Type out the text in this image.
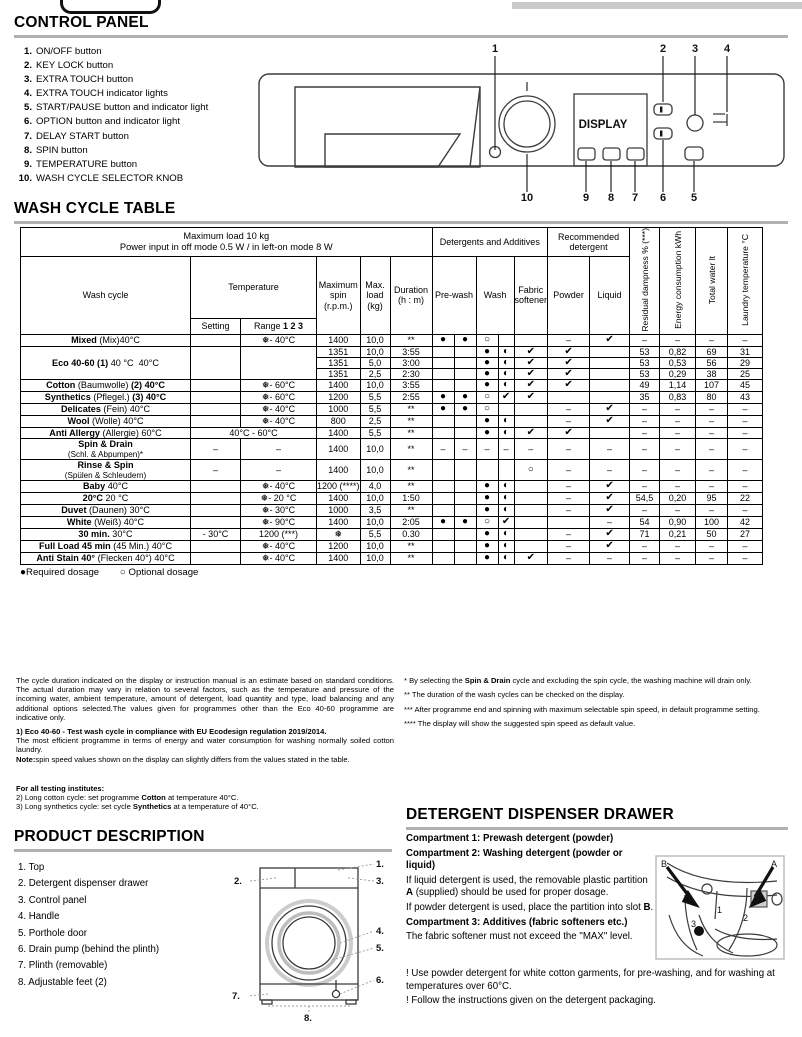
CONTROL PANEL
1. ON/OFF button
2. KEY LOCK button
3. EXTRA TOUCH button
4. EXTRA TOUCH indicator lights
5. START/PAUSE button and indicator light
6. OPTION button and indicator light
7. DELAY START button
8. SPIN button
9. TEMPERATURE button
10. WASH CYCLE SELECTOR KNOB
1	2 3 4
10	9 8 7 6 5
DISPLAY
WASH CYCLE TABLE
Maximum load 10 kg
Power input in off mode 0.5 W / in left-on mode 8 W						Detergents and Additives					Recommended detergent		Residual dampness % (***)	Energy consumption kWh	Total water lt	Laundry temperature °C
Wash cycle	Temperature		Maximum spin (r.p.m.)	Max. load (kg)	Duration (h : m)	Pre-wash		Wash		Fabric softener	Powder	Liquid				
	Setting	Range 1 2 3														
Mixed (Mix)40°C		❅- 40°C	1400	10,0	**	●	●	○			–	✔	–	–	–	–
Eco 40-60 (1) 40 °C 40°C			1351	10,0	3:55			●	◐	✔	✔		53	0,82	69	31
			1351	5,0	3:00			●	◐	✔	✔		53	0,53	56	29
			1351	2,5	2:30			●	◐	✔	✔		53	0,29	38	25
Cotton (Baumwolle) (2) 40°C		❅- 60°C	1400	10,0	3:55			●	◐	✔	✔		49	1,14	107	45
Synthetics (Pflegel.) (3) 40°C		❅- 60°C	1200	5,5	2:55	●	●	○	✔	✔			35	0,83	80	43
Delicates (Fein) 40°C		❅- 40°C	1000	5,5	**	●	●	○			–	✔	–	–	–	–
Wool (Wolle) 40°C		❅- 40°C	800	2,5	**			●	◐		–	✔	–	–	–	–
Anti Allergy (Allergie) 60°C	40°C - 60°C		1400	5,5	**			●	◐	✔	✔		–	–	–	–
Spin & Drain
(Schl. & Abpumpen)*	–	–	1400	10,0	**	–	–	–	–	–	–	–	–	–	–	–
Rinse & Spin
(Spülen & Schleudern)	–	–	1400	10,0	**					○	–	–	–	–	–	–
Baby 40°C		❅- 40°C	1200 (****)	4,0	**			●	◐		–	✔	–	–	–	–
20°C 20 °C		❅- 20 °C	1400	10,0	1:50			●	◐		–	✔	54,5	0,20	95	22
Duvet (Daunen) 30°C		❅- 30°C	1000	3,5	**			●	◐		–	✔	–	–	–	–
White (Weiß) 40°C		❅- 90°C	1400	10,0	2:05	●	●	○	✔			–	54	0,90	100	42
30 min. 30°C	- 30°C	1200 (***)	❅	5,5	0.30			●	◐		–	✔	71	0,21	50	27
Full Load 45 min (45 Min.) 40°C		❅- 40°C	1200	10,0	**			●	◐		–	✔	–	–	–	–
Anti Stain 40° (Flecken 40°) 40°C		❅- 40°C	1400	10,0	**			●	◐	✔	–	–	–	–	–	–
●Required dosage ○ Optional dosage

The cycle duration indicated on the display or instruction manual is an estimate based on standard conditions. The actual duration may vary in relation to several factors, such as the temperature and pressure of the incoming water, ambient temperature, amount of detergent, load quantity and type, load balancing and any additional options selected.The values given for programmes other than the Eco 40-60 programme are indicative only.

1) Eco 40-60 - Test wash cycle in compliance with EU Ecodesign regulation 2019/2014.
The most efficient programme in terms of energy and water consumption for washing normally soiled cotton laundry.
Note:spin speed values shown on the display can slightly differs from the values stated in the table.

For all testing institutes:
2) Long cotton cycle: set programme Cotton at temperature 40°C.
3) Long synthetics cycle: set cycle Synthetics at a temperature of 40°C.

* By selecting the Spin & Drain cycle and excluding the spin cycle, the washing machine will drain only.

** The duration of the wash cycles can be checked on the display.

*** After programme end and spinning with maximum selectable spin speed, in default programme setting.

**** The display will show the suggested spin speed as default value.

PRODUCT DESCRIPTION
1. Top
2. Detergent dispenser drawer
3. Control panel
4. Handle
5. Porthole door
6. Drain pump (behind the plinth)
7. Plinth (removable)
8. Adjustable feet (2)
1.
2.	3.
4.
5.
6.
7.
8.
DETERGENT DISPENSER DRAWER

Compartment 1: Prewash detergent (powder)

Compartment 2: Washing detergent (powder or liquid)

If liquid detergent is used, the removable plastic partition A (supplied) should be used for proper dosage.

If powder detergent is used, place the partition into slot B.

Compartment 3: Additives (fabric softeners etc.)

The fabric softener must not exceed the "MAX" level.

! Use powder detergent for white cotton garments, for pre-washing, and for washing at temperatures over 60°C.

! Follow the instructions given on the detergent packaging.

B	A
1
2
3
